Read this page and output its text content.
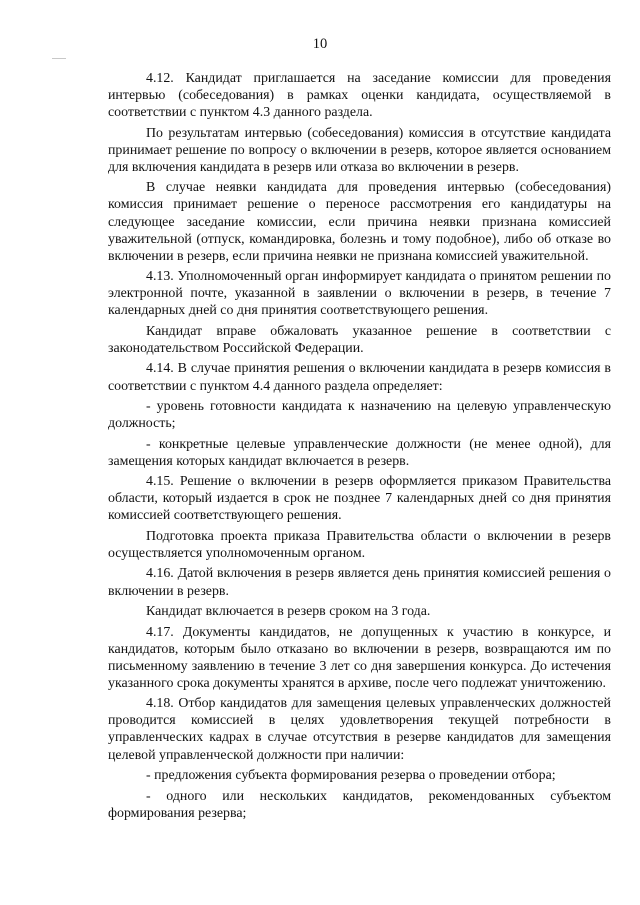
10

4.12. Кандидат приглашается на заседание комиссии для проведения интервью (собеседования) в рамках оценки кандидата, осуществляемой в соответствии с пунктом 4.3 данного раздела.

По результатам интервью (собеседования) комиссия в отсутствие кандидата принимает решение по вопросу о включении в резерв, которое является основанием для включения кандидата в резерв или отказа во включении в резерв.

В случае неявки кандидата для проведения интервью (собеседования) комиссия принимает решение о переносе рассмотрения его кандидатуры на следующее заседание комиссии, если причина неявки признана комиссией уважительной (отпуск, командировка, болезнь и тому подобное), либо об отказе во включении в резерв, если причина неявки не признана комиссией уважительной.

4.13. Уполномоченный орган информирует кандидата о принятом решении по электронной почте, указанной в заявлении о включении в резерв, в течение 7 календарных дней со дня принятия соответствующего решения.

Кандидат вправе обжаловать указанное решение в соответствии с законодательством Российской Федерации.

4.14. В случае принятия решения о включении кандидата в резерв комиссия в соответствии с пунктом 4.4 данного раздела определяет:

- уровень готовности кандидата к назначению на целевую управленческую должность;

- конкретные целевые управленческие должности (не менее одной), для замещения которых кандидат включается в резерв.

4.15. Решение о включении в резерв оформляется приказом Правительства области, который издается в срок не позднее 7 календарных дней со дня принятия комиссией соответствующего решения.

Подготовка проекта приказа Правительства области о включении в резерв осуществляется уполномоченным органом.

4.16. Датой включения в резерв является день принятия комиссией решения о включении в резерв.

Кандидат включается в резерв сроком на 3 года.

4.17. Документы кандидатов, не допущенных к участию в конкурсе, и кандидатов, которым было отказано во включении в резерв, возвращаются им по письменному заявлению в течение 3 лет со дня завершения конкурса. До истечения указанного срока документы хранятся в архиве, после чего подлежат уничтожению.

4.18. Отбор кандидатов для замещения целевых управленческих должностей проводится комиссией в целях удовлетворения текущей потребности в управленческих кадрах в случае отсутствия в резерве кандидатов для замещения целевой управленческой должности при наличии:

- предложения субъекта формирования резерва о проведении отбора;

- одного или нескольких кандидатов, рекомендованных субъектом формирования резерва;
